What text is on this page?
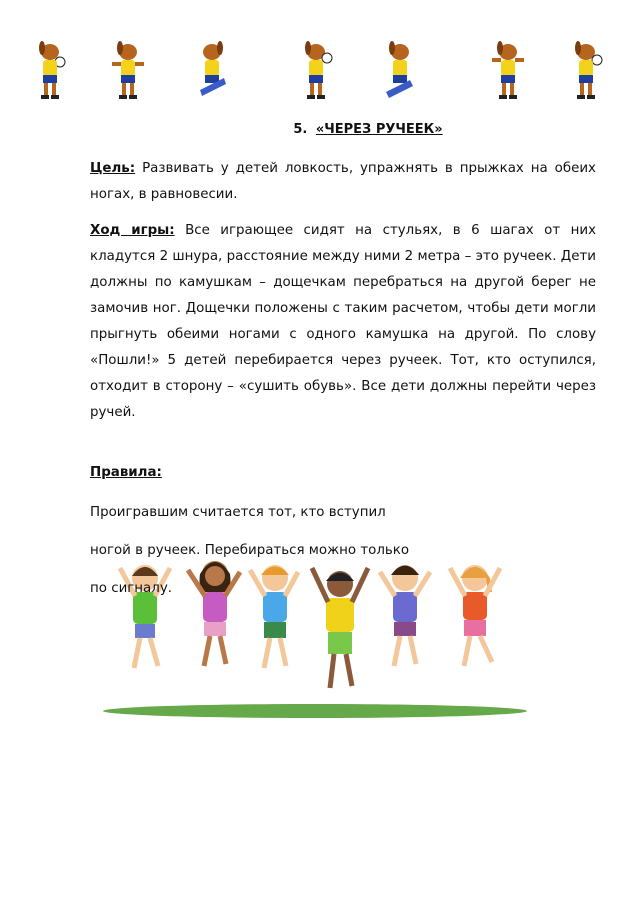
5. «ЧЕРЕЗ РУЧЕЕК»
Цель: Развивать у детей ловкость, упражнять в прыжках на обеих ногах, в равновесии.
Ход игры: Все играющее сидят на стульях, в 6 шагах от них кладутся 2 шнура, расстояние между ними 2 метра – это ручеек. Дети должны по камушкам – дощечкам перебраться на другой берег не замочив ног. Дощечки положены с таким расчетом, чтобы дети могли прыгнуть обеими ногами с одного камушка на другой. По слову «Пошли!» 5 детей перебирается через ручеек. Тот, кто оступился, отходит в сторону – «сушить обувь». Все дети должны перейти через ручей.
Правила:
Проигравшим считается тот, кто вступил
ногой в ручеек. Перебираться можно только
по сигналу.
